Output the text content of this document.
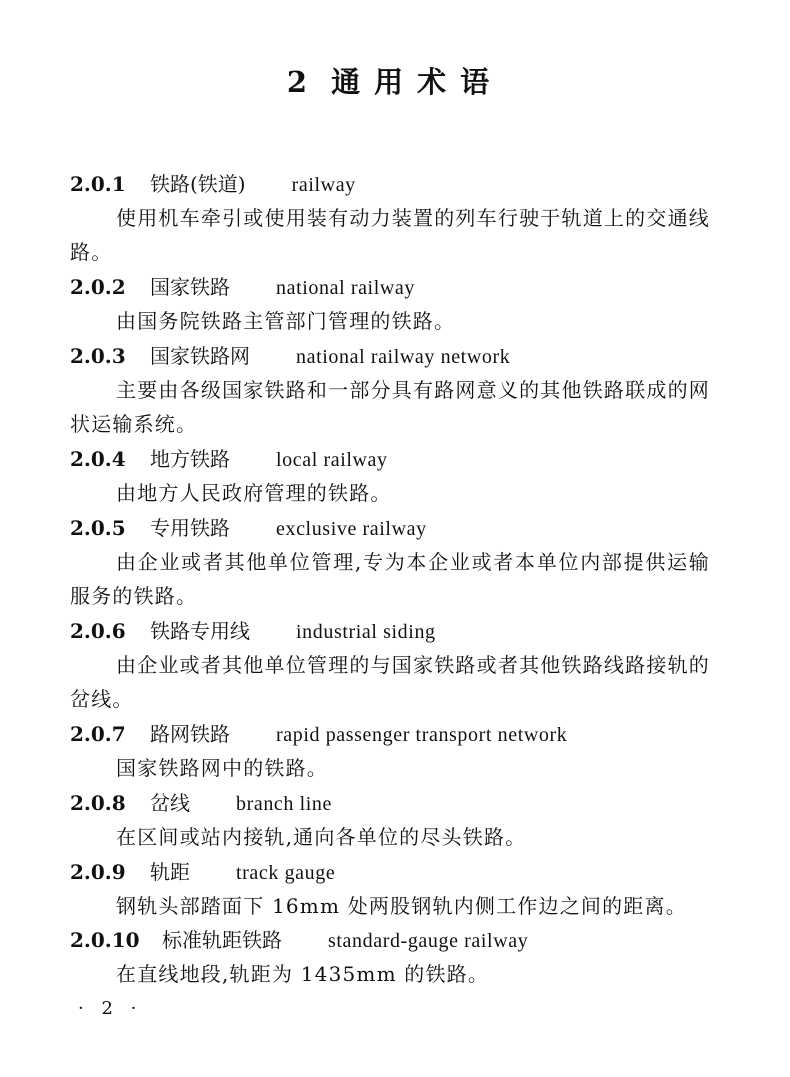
2 通用术语
2.0.1 铁路(铁道) railway
使用机车牵引或使用装有动力装置的列车行驶于轨道上的交通线路。
2.0.2 国家铁路 national railway
由国务院铁路主管部门管理的铁路。
2.0.3 国家铁路网 national railway network
主要由各级国家铁路和一部分具有路网意义的其他铁路联成的网状运输系统。
2.0.4 地方铁路 local railway
由地方人民政府管理的铁路。
2.0.5 专用铁路 exclusive railway
由企业或者其他单位管理,专为本企业或者本单位内部提供运输服务的铁路。
2.0.6 铁路专用线 industrial siding
由企业或者其他单位管理的与国家铁路或者其他铁路线路接轨的岔线。
2.0.7 路网铁路 rapid passenger transport network
国家铁路网中的铁路。
2.0.8 岔线 branch line
在区间或站内接轨,通向各单位的尽头铁路。
2.0.9 轨距 track gauge
钢轨头部踏面下 16mm 处两股钢轨内侧工作边之间的距离。
2.0.10 标准轨距铁路 standard-gauge railway
在直线地段,轨距为 1435mm 的铁路。
· 2 ·
